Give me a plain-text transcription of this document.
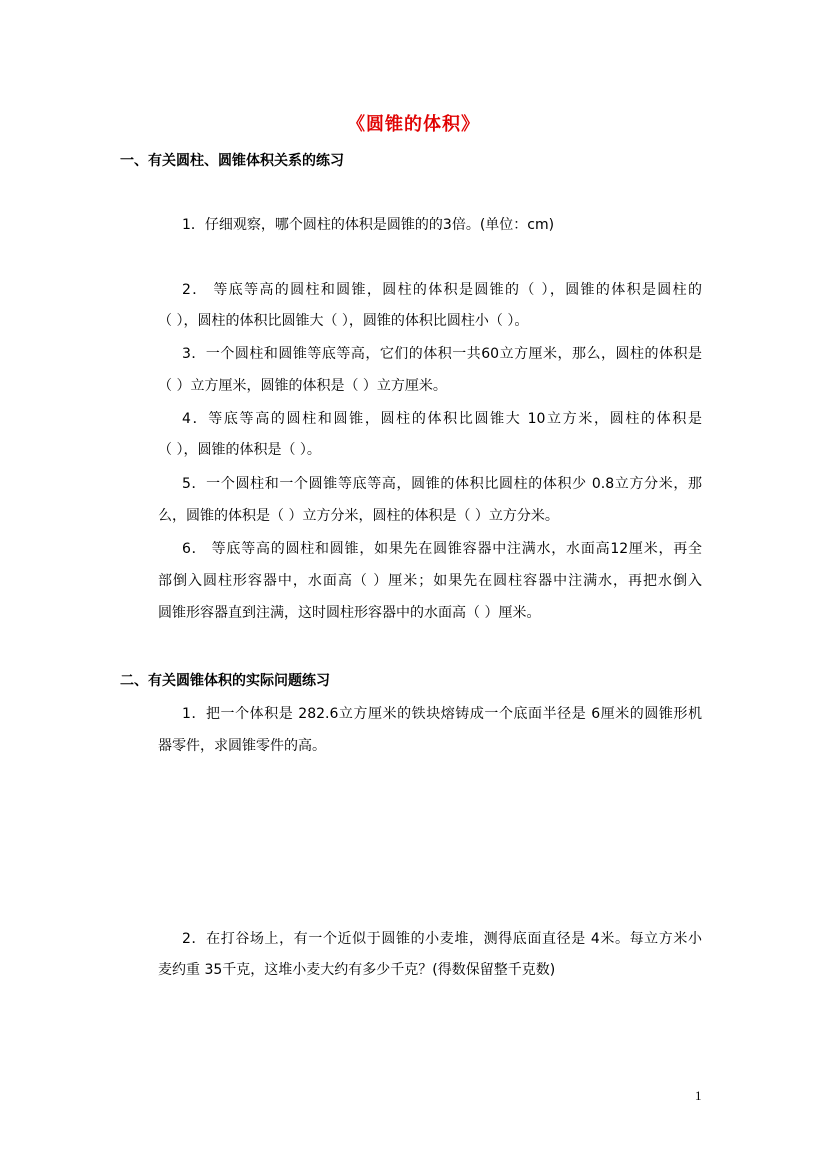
《圆锥的体积》
一、有关圆柱、圆锥体积关系的练习
1．仔细观察，哪个圆柱的体积是圆锥的的3倍。(单位：cm)
2． 等底等高的圆柱和圆锥，圆柱的体积是圆锥的（ ），圆锥的体积是圆柱的
（ ），圆柱的体积比圆锥大（ ），圆锥的体积比圆柱小（ ）。
3．一个圆柱和圆锥等底等高，它们的体积一共60立方厘米，那么，圆柱的体积是
（ ）立方厘米，圆锥的体积是（ ）立方厘米。
4．等底等高的圆柱和圆锥，圆柱的体积比圆锥大 10立方米，圆柱的体积是
（ ），圆锥的体积是（ ）。
5．一个圆柱和一个圆锥等底等高，圆锥的体积比圆柱的体积少 0.8立方分米，那
么，圆锥的体积是（ ）立方分米，圆柱的体积是（ ）立方分米。
6． 等底等高的圆柱和圆锥，如果先在圆锥容器中注满水，水面高12厘米，再全
部倒入圆柱形容器中，水面高（ ）厘米；如果先在圆柱容器中注满水，再把水倒入
圆锥形容器直到注满，这时圆柱形容器中的水面高（ ）厘米。
二、有关圆锥体积的实际问题练习
1．把一个体积是 282.6立方厘米的铁块熔铸成一个底面半径是 6厘米的圆锥形机
器零件，求圆锥零件的高。
2．在打谷场上，有一个近似于圆锥的小麦堆，测得底面直径是 4米。每立方米小
麦约重 35千克，这堆小麦大约有多少千克？(得数保留整千克数)
1
